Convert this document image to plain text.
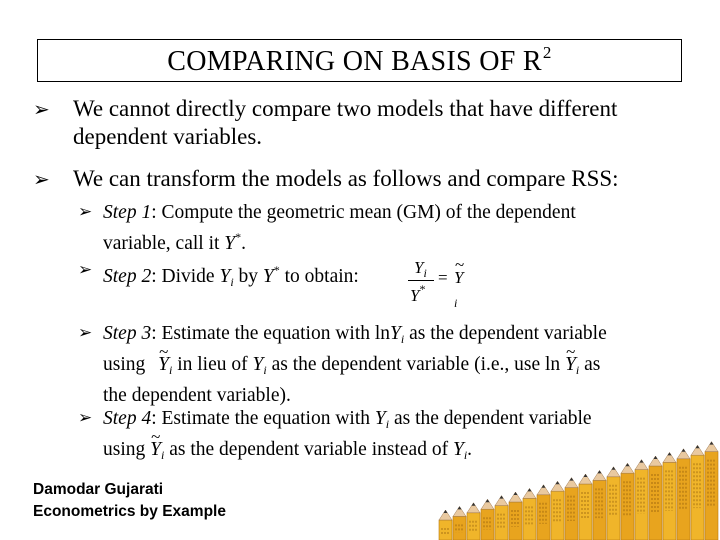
COMPARING ON BASIS OF $R^2$
➢	We cannot directly compare two models that have different
dependent variables.
➢	We can transform the models as follows and compare RSS:
➢ Step 1: Compute the geometric mean (GM) of the dependent
variable, call it Y*.
➢ Step 2: Divide $Y_i$ by Y* to obtain:	$Y_i$
Y*
=
~ $Y_i$
➢ Step 3: Estimate the equation with lnY$_i$ as the dependent variable
using ~ $Y_i$ in lieu of $Y_i$ as the dependent variable (i.e., use ln ~ $Y_i$ as
the dependent variable).
➢ Step 4: Estimate the equation with $Y_i$ as the dependent variable
using ~ $Y_i$ as the dependent variable instead of $Y_i$.
Damodar Gujarati
Econometrics by Example
